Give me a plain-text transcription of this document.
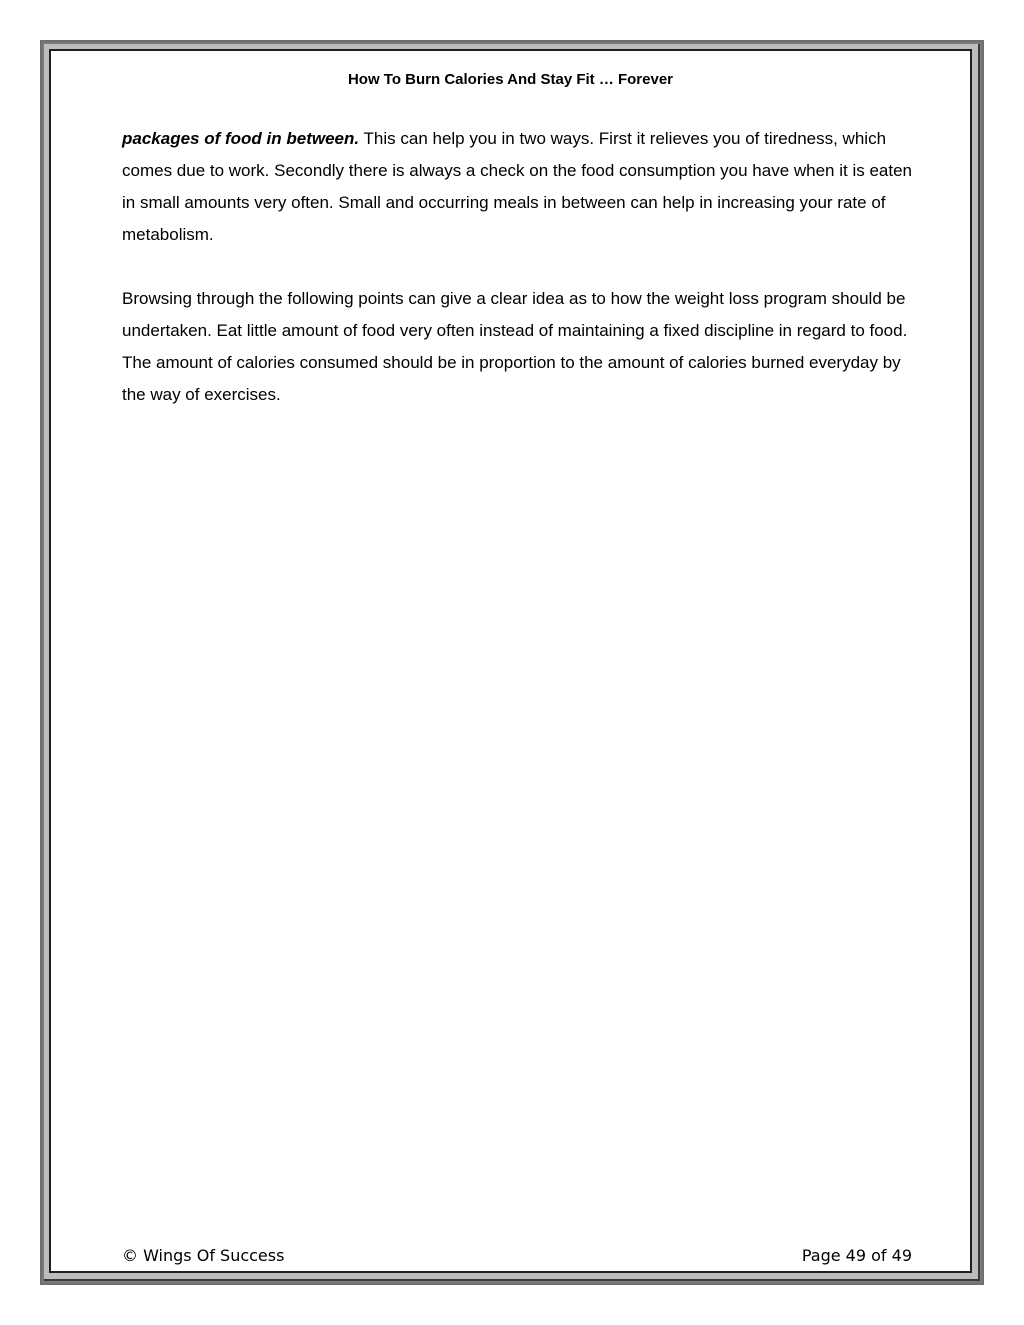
How To Burn Calories And Stay Fit … Forever

packages of food in between. This can help you in two ways. First it relieves you of tiredness, which comes due to work. Secondly there is always a check on the food consumption you have when it is eaten in small amounts very often. Small and occurring meals in between can help in increasing your rate of metabolism.

Browsing through the following points can give a clear idea as to how the weight loss program should be undertaken. Eat little amount of food very often instead of maintaining a fixed discipline in regard to food. The amount of calories consumed should be in proportion to the amount of calories burned everyday by the way of exercises.

© Wings Of Success	Page 49 of 49
